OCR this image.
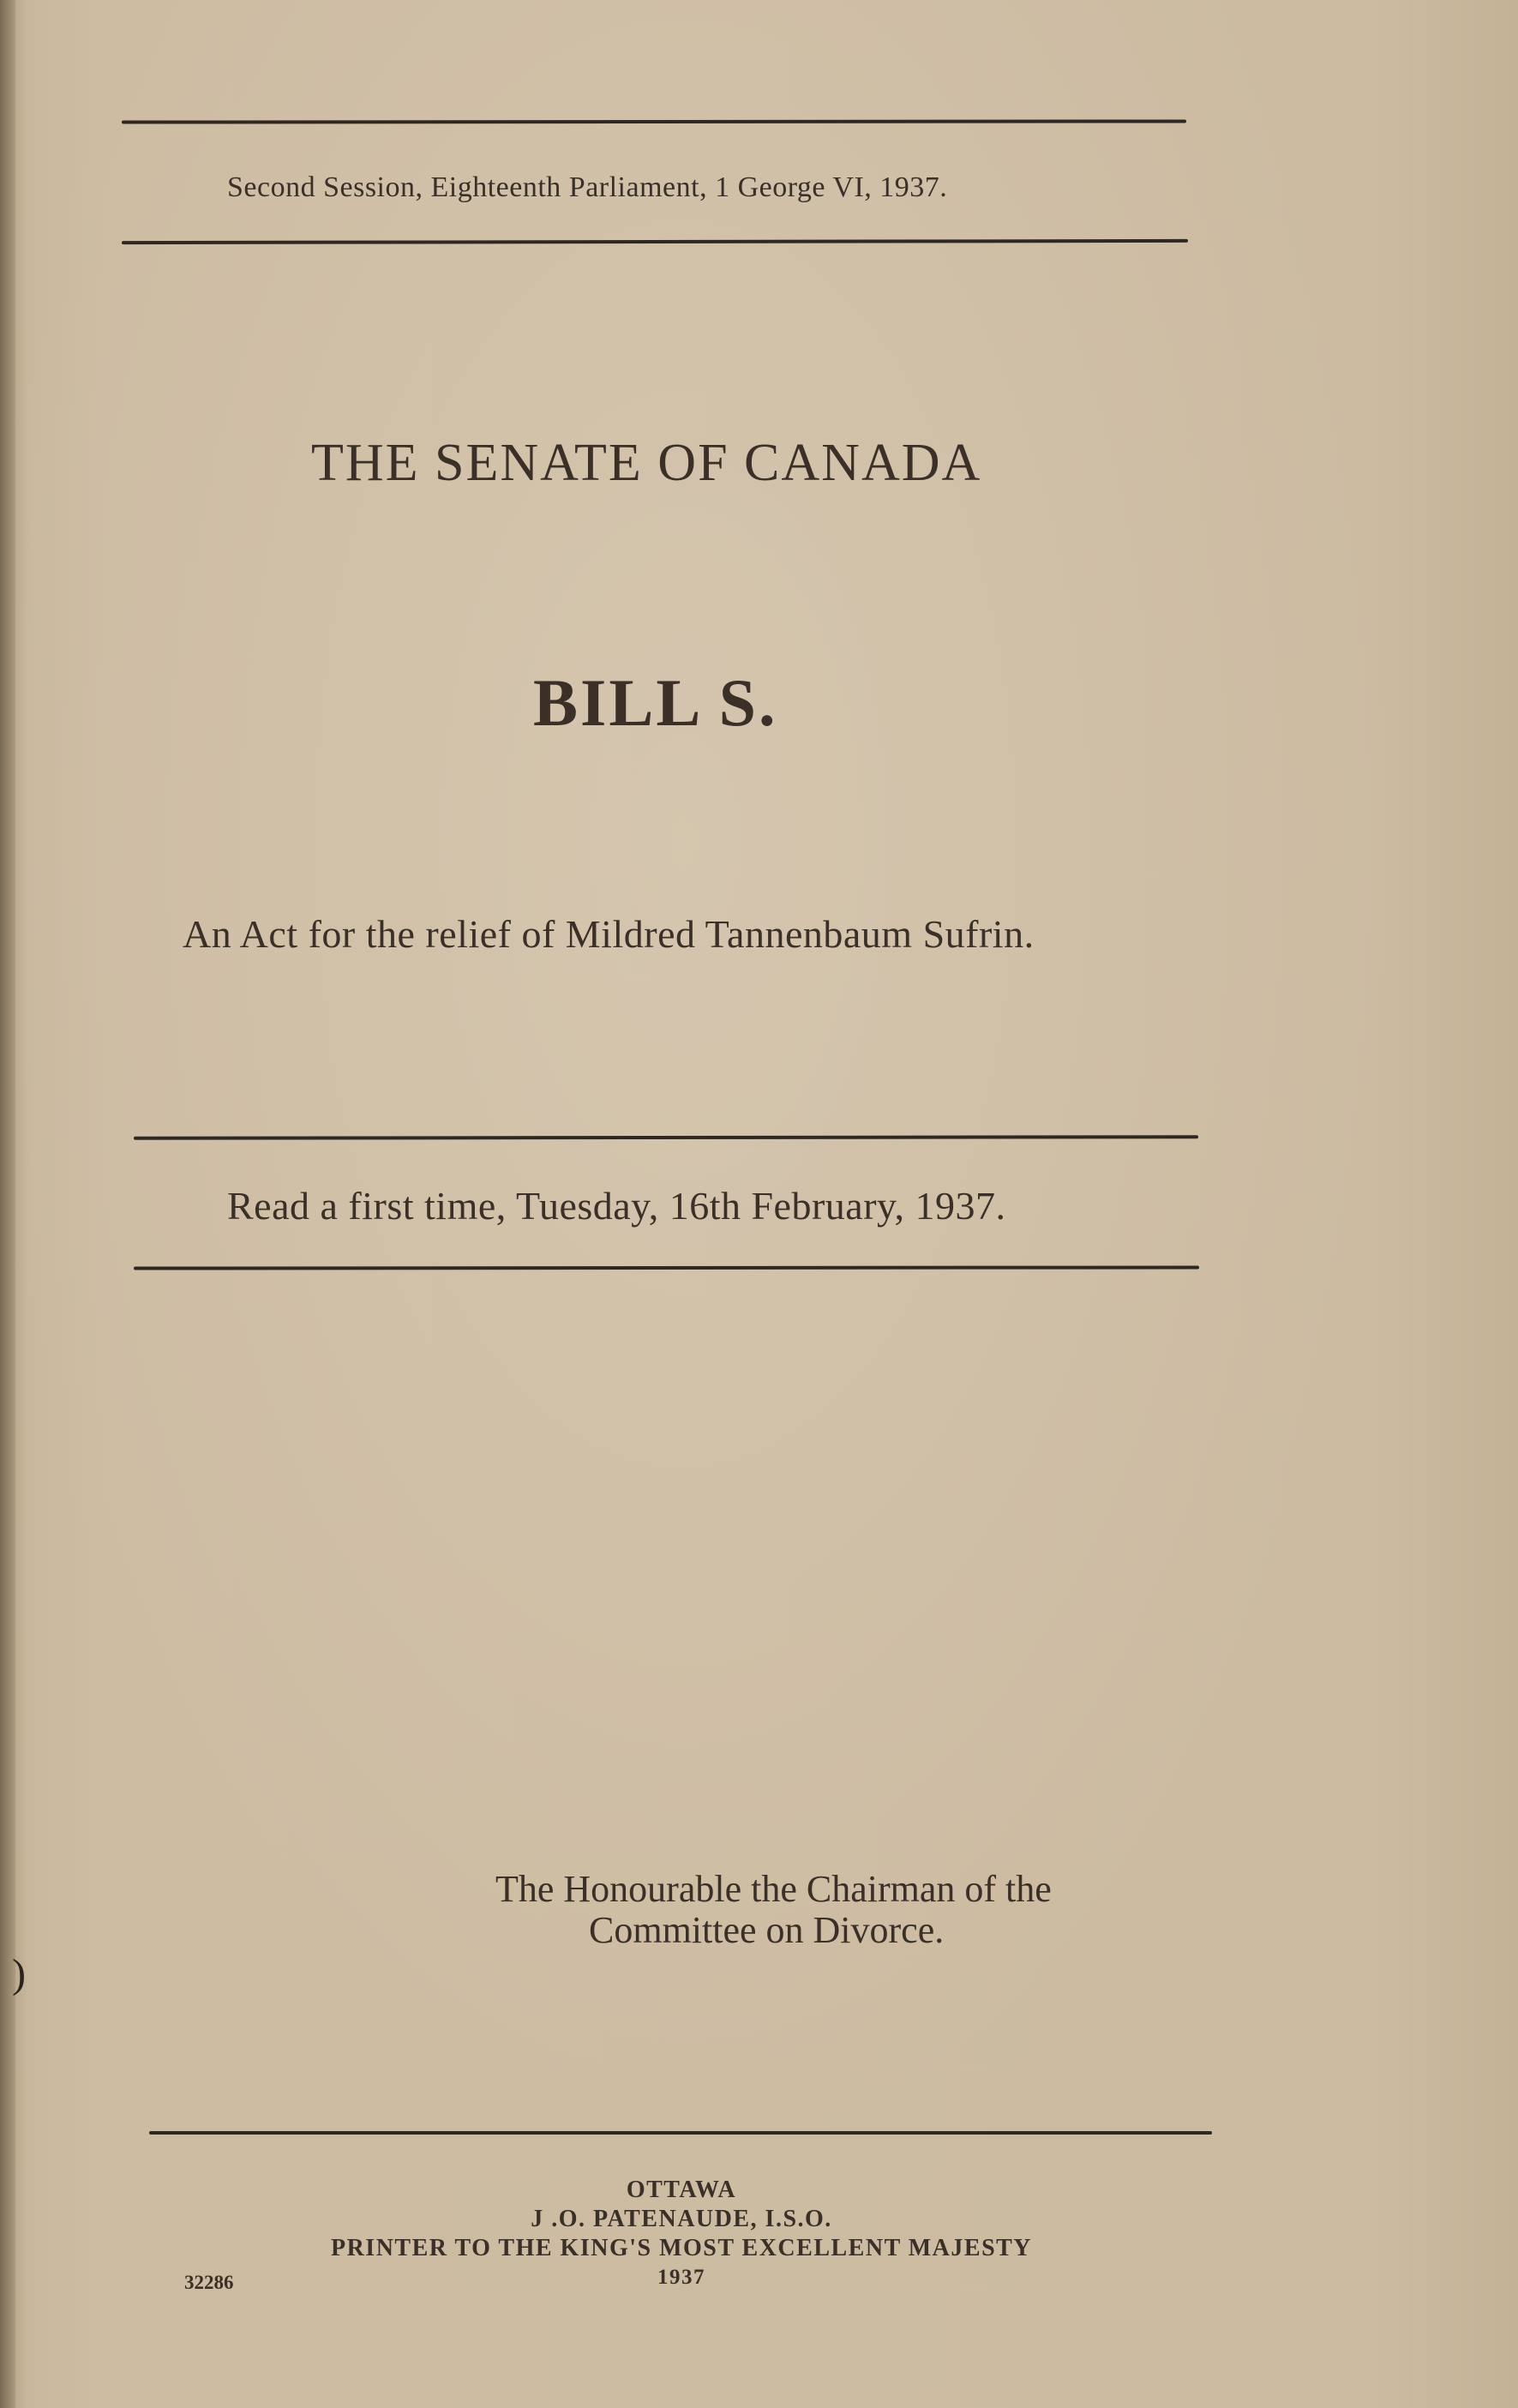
Second Session, Eighteenth Parliament, 1 George VI, 1937.
THE SENATE OF CANADA
BILL S.
An Act for the relief of Mildred Tannenbaum Sufrin.
Read a first time, Tuesday, 16th February, 1937.
The Honourable the Chairman of the
Committee on Divorce.
OTTAWA
J .O. PATENAUDE, I.S.O.
PRINTER TO THE KING'S MOST EXCELLENT MAJESTY
1937
32286
)
